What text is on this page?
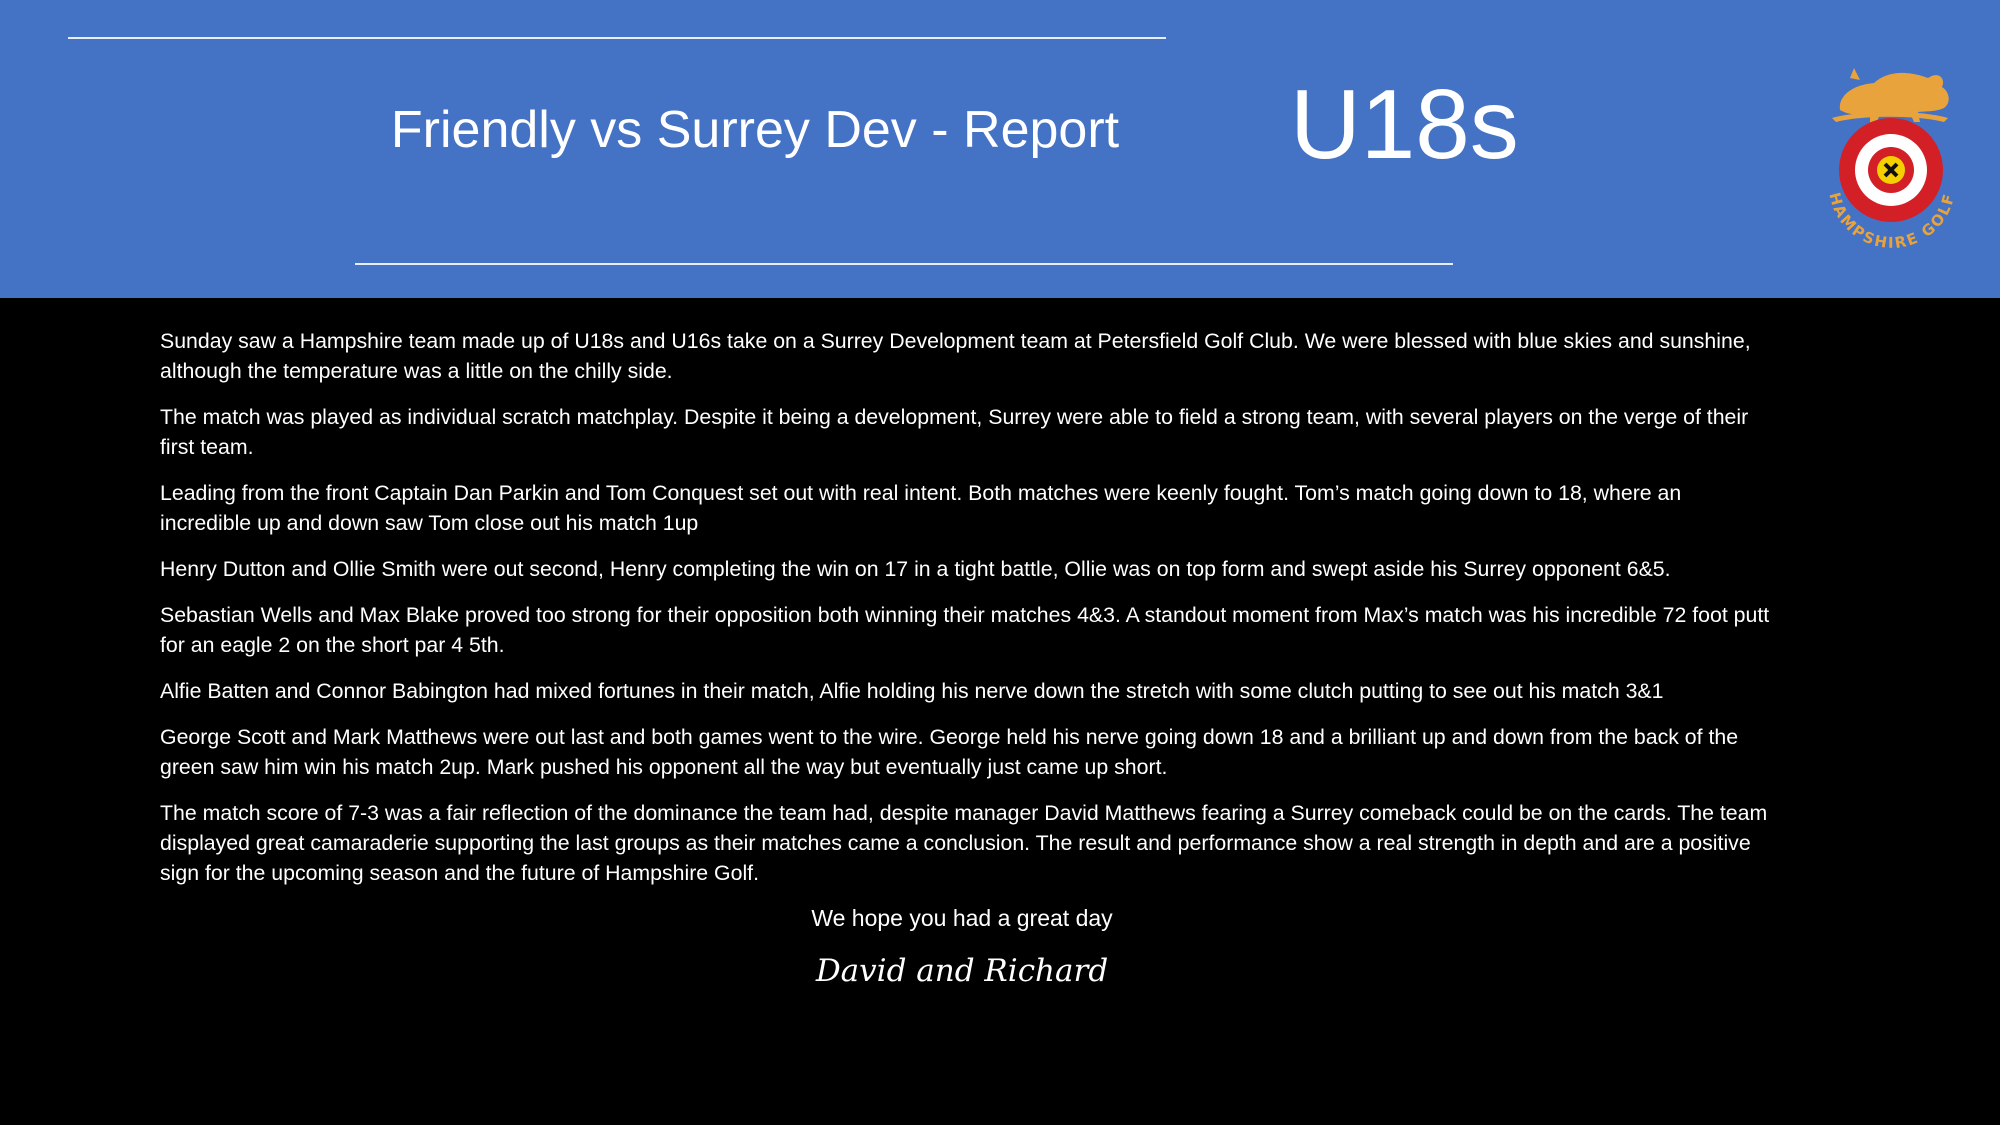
Friendly vs Surrey Dev - Report	U18s
HAMPSHIRE GOLF

Sunday saw a Hampshire team made up of U18s and U16s take on a Surrey Development team at Petersfield Golf Club. We were blessed with blue skies and sunshine, although the temperature was a little on the chilly side.

The match was played as individual scratch matchplay. Despite it being a development, Surrey were able to field a strong team, with several players on the verge of their first team.

Leading from the front Captain Dan Parkin and Tom Conquest set out with real intent. Both matches were keenly fought. Tom’s match going down to 18, where an incredible up and down saw Tom close out his match 1up

Henry Dutton and Ollie Smith were out second, Henry completing the win on 17 in a tight battle, Ollie was on top form and swept aside his Surrey opponent 6&5.

Sebastian Wells and Max Blake proved too strong for their opposition both winning their matches 4&3. A standout moment from Max’s match was his incredible 72 foot putt for an eagle 2 on the short par 4 5th.

Alfie Batten and Connor Babington had mixed fortunes in their match, Alfie holding his nerve down the stretch with some clutch putting to see out his match 3&1

George Scott and Mark Matthews were out last and both games went to the wire. George held his nerve going down 18 and a brilliant up and down from the back of the green saw him win his match 2up. Mark pushed his opponent all the way but eventually just came up short.

The match score of 7-3 was a fair reflection of the dominance the team had, despite manager David Matthews fearing a Surrey comeback could be on the cards. The team displayed great camaraderie supporting the last groups as their matches came a conclusion. The result and performance show a real strength in depth and are a positive sign for the upcoming season and the future of Hampshire Golf.

We hope you had a great day
David and Richard
